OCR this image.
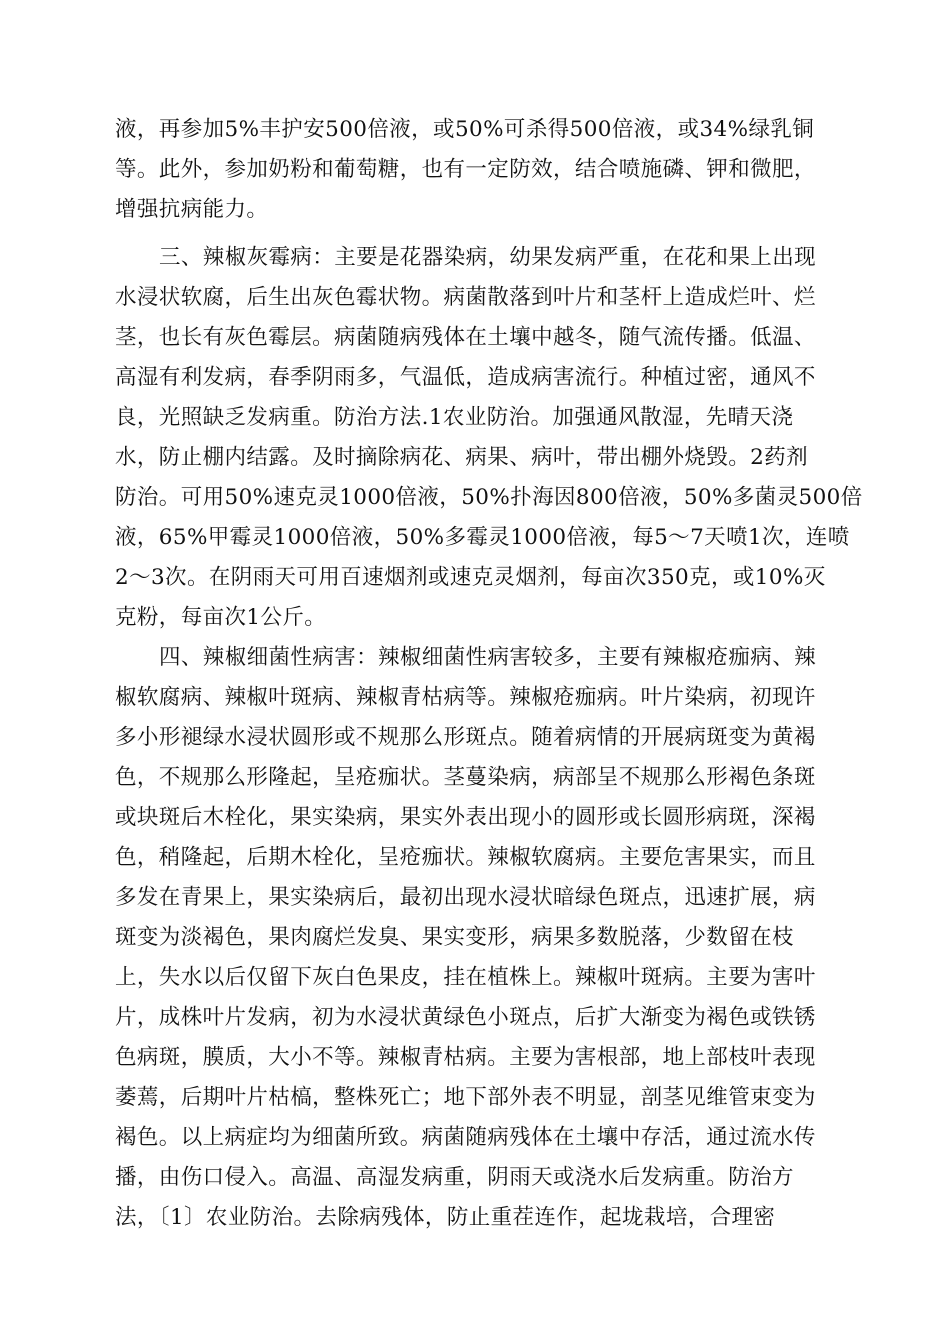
液，再参加5%丰护安500倍液，或50%可杀得500倍液，或34%绿乳铜
等。此外，参加奶粉和葡萄糖，也有一定防效，结合喷施磷、钾和微肥，
增强抗病能力。
三、辣椒灰霉病：主要是花器染病，幼果发病严重，在花和果上出现
水浸状软腐，后生出灰色霉状物。病菌散落到叶片和茎杆上造成烂叶、烂
茎，也长有灰色霉层。病菌随病残体在土壤中越冬，随气流传播。低温、
高湿有利发病，春季阴雨多，气温低，造成病害流行。种植过密，通风不
良，光照缺乏发病重。防治方法.1农业防治。加强通风散湿，先晴天浇
水，防止棚内结露。及时摘除病花、病果、病叶，带出棚外烧毁。2药剂
防治。可用50%速克灵1000倍液，50%扑海因800倍液，50%多菌灵500倍
液，65%甲霉灵1000倍液，50%多霉灵1000倍液，每5～7天喷1次，连喷
2～3次。在阴雨天可用百速烟剂或速克灵烟剂，每亩次350克，或10%灭
克粉，每亩次1公斤。
四、辣椒细菌性病害：辣椒细菌性病害较多，主要有辣椒疮痂病、辣
椒软腐病、辣椒叶斑病、辣椒青枯病等。辣椒疮痂病。叶片染病，初现许
多小形褪绿水浸状圆形或不规那么形斑点。随着病情的开展病斑变为黄褐
色，不规那么形隆起，呈疮痂状。茎蔓染病，病部呈不规那么形褐色条斑
或块斑后木栓化，果实染病，果实外表出现小的圆形或长圆形病斑，深褐
色，稍隆起，后期木栓化，呈疮痂状。辣椒软腐病。主要危害果实，而且
多发在青果上，果实染病后，最初出现水浸状暗绿色斑点，迅速扩展，病
斑变为淡褐色，果肉腐烂发臭、果实变形，病果多数脱落，少数留在枝
上，失水以后仅留下灰白色果皮，挂在植株上。辣椒叶斑病。主要为害叶
片，成株叶片发病，初为水浸状黄绿色小斑点，后扩大渐变为褐色或铁锈
色病斑，膜质，大小不等。辣椒青枯病。主要为害根部，地上部枝叶表现
萎蔫，后期叶片枯槁，整株死亡；地下部外表不明显，剖茎见维管束变为
褐色。以上病症均为细菌所致。病菌随病残体在土壤中存活，通过流水传
播，由伤口侵入。高温、高湿发病重，阴雨天或浇水后发病重。防治方
法，〔1〕农业防治。去除病残体，防止重茬连作，起垅栽培，合理密
